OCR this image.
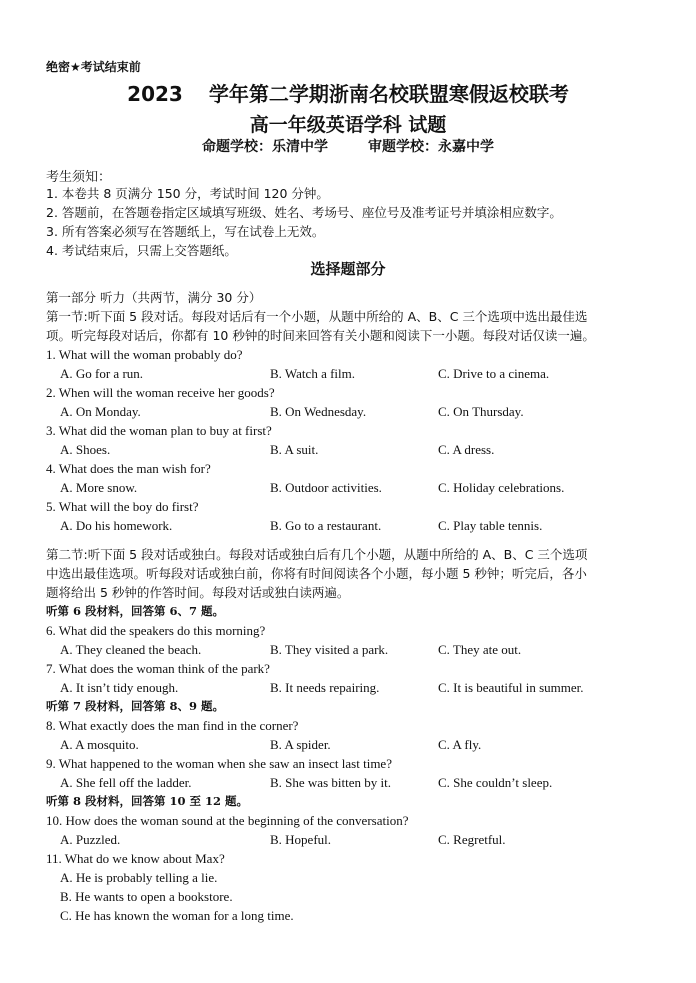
绝密★考试结束前
2023 学年第二学期浙南名校联盟寒假返校联考
高一年级英语学科 试题
命题学校：乐清中学	审题学校：永嘉中学
考生须知：
1. 本卷共 8 页满分 150 分，考试时间 120 分钟。
2. 答题前，在答题卷指定区域填写班级、姓名、考场号、座位号及准考证号并填涂相应数字。
3. 所有答案必须写在答题纸上，写在试卷上无效。
4. 考试结束后，只需上交答题纸。
选择题部分
第一部分 听力（共两节，满分 30 分）
第一节:听下面 5 段对话。每段对话后有一个小题，从题中所给的 A、B、C 三个选项中选出最佳选
项。听完每段对话后，你都有 10 秒钟的时间来回答有关小题和阅读下一小题。每段对话仅读一遍。
1. What will the woman probably do?
A. Go for a run.	B. Watch a film.	C. Drive to a cinema.
2. When will the woman receive her goods?
A. On Monday.	B. On Wednesday.	C. On Thursday.
3. What did the woman plan to buy at first?
A. Shoes.	B. A suit.	C. A dress.
4. What does the man wish for?
A. More snow.	B. Outdoor activities.	C. Holiday celebrations.
5. What will the boy do first?
A. Do his homework.	B. Go to a restaurant.	C. Play table tennis.
第二节:听下面 5 段对话或独白。每段对话或独白后有几个小题，从题中所给的 A、B、C 三个选项
中选出最佳选项。听每段对话或独白前，你将有时间阅读各个小题，每小题 5 秒钟；听完后，各小
题将给出 5 秒钟的作答时间。每段对话或独白读两遍。
听第 6 段材料，回答第 6、7 题。
6. What did the speakers do this morning?
A. They cleaned the beach.	B. They visited a park.	C. They ate out.
7. What does the woman think of the park?
A. It isn’t tidy enough.	B. It needs repairing.	C. It is beautiful in summer.
听第 7 段材料，回答第 8、9 题。
8. What exactly does the man find in the corner?
A. A mosquito.	B. A spider.	C. A fly.
9. What happened to the woman when she saw an insect last time?
A. She fell off the ladder.	B. She was bitten by it.	C. She couldn’t sleep.
听第 8 段材料，回答第 10 至 12 题。
10. How does the woman sound at the beginning of the conversation?
A. Puzzled.	B. Hopeful.	C. Regretful.
11. What do we know about Max?
A. He is probably telling a lie.
B. He wants to open a bookstore.
C. He has known the woman for a long time.
